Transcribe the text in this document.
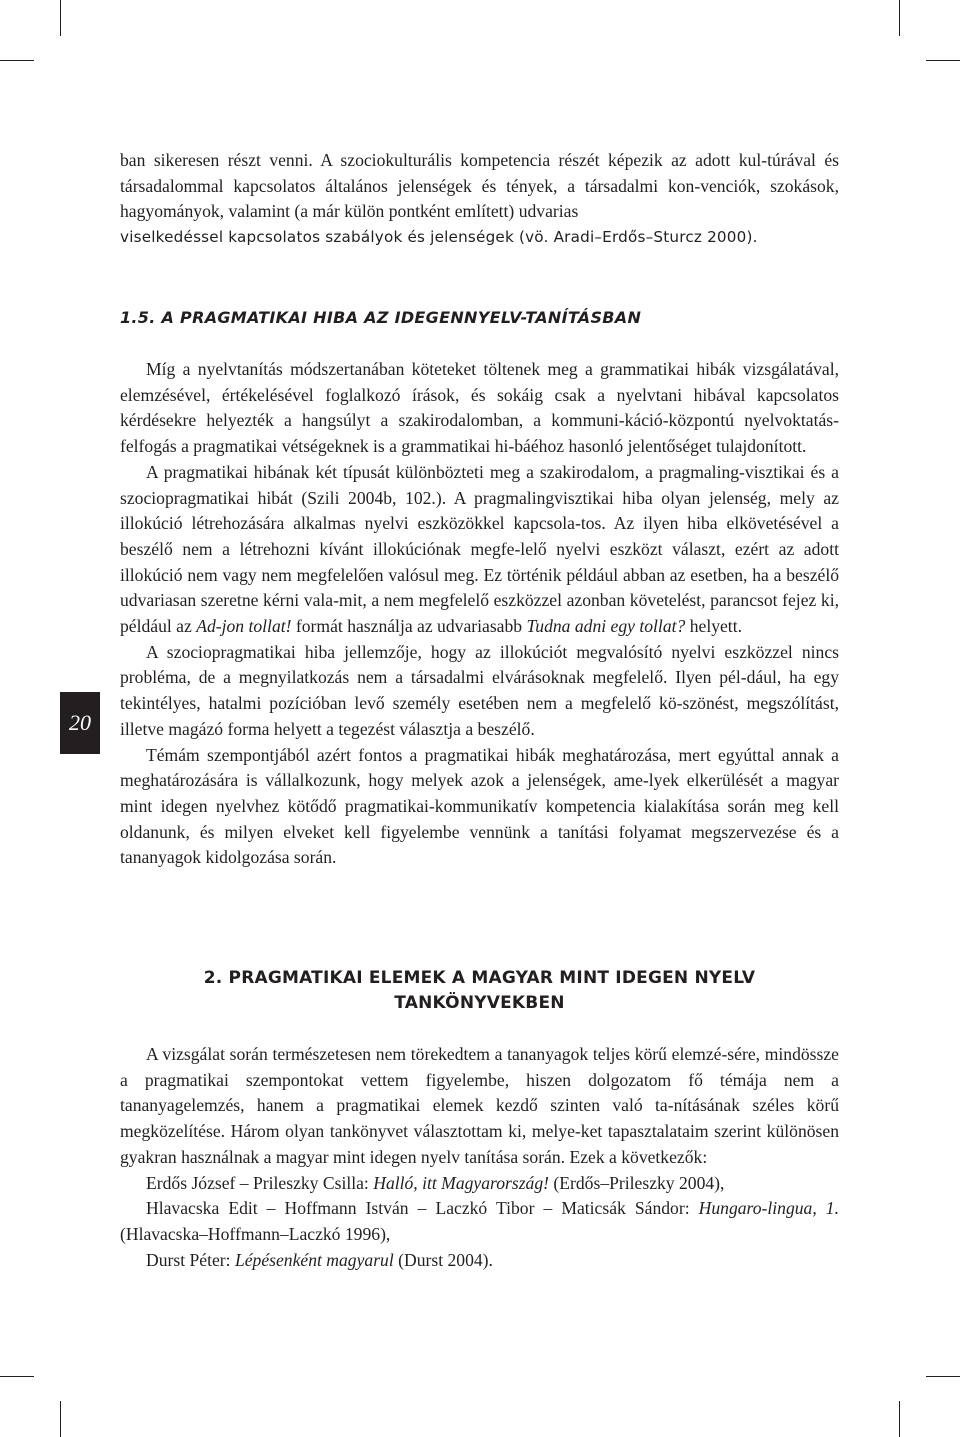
20

ban sikeresen részt venni. A szociokulturális kompetencia részét képezik az adott kul-túrával és társadalommal kapcsolatos általános jelenségek és tények, a társadalmi kon-venciók, szokások, hagyományok, valamint (a már külön pontként említett) udvarias

viselkedéssel kapcsolatos szabályok és jelenségek (vö. Aradi–Erdős–Sturcz 2000).

1.5. A PRAGMATIKAI HIBA AZ IDEGENNYELV-TANÍTÁSBAN

Míg a nyelvtanítás módszertanában köteteket töltenek meg a grammatikai hibák vizsgálatával, elemzésével, értékelésével foglalkozó írások, és sokáig csak a nyelvtani hibával kapcsolatos kérdésekre helyezték a hangsúlyt a szakirodalomban, a kommuni-káció-központú nyelvoktatás-felfogás a pragmatikai vétségeknek is a grammatikai hi-báéhoz hasonló jelentőséget tulajdonított.

A pragmatikai hibának két típusát különbözteti meg a szakirodalom, a pragmaling-visztikai és a szociopragmatikai hibát (Szili 2004b, 102.). A pragmalingvisztikai hiba olyan jelenség, mely az illokúció létrehozására alkalmas nyelvi eszközökkel kapcsola-tos. Az ilyen hiba elkövetésével a beszélő nem a létrehozni kívánt illokúciónak megfe-lelő nyelvi eszközt választ, ezért az adott illokúció nem vagy nem megfelelően valósul meg. Ez történik például abban az esetben, ha a beszélő udvariasan szeretne kérni vala-mit, a nem megfelelő eszközzel azonban követelést, parancsot fejez ki, például az Ad-jon tollat! formát használja az udvariasabb Tudna adni egy tollat? helyett.

A szociopragmatikai hiba jellemzője, hogy az illokúciót megvalósító nyelvi eszközzel nincs probléma, de a megnyilatkozás nem a társadalmi elvárásoknak megfelelő. Ilyen pél-dául, ha egy tekintélyes, hatalmi pozícióban levő személy esetében nem a megfelelő kö-szönést, megszólítást, illetve magázó forma helyett a tegezést választja a beszélő.

Témám szempontjából azért fontos a pragmatikai hibák meghatározása, mert egyúttal annak a meghatározására is vállalkozunk, hogy melyek azok a jelenségek, ame-lyek elkerülését a magyar mint idegen nyelvhez kötődő pragmatikai-kommunikatív kompetencia kialakítása során meg kell oldanunk, és milyen elveket kell figyelembe vennünk a tanítási folyamat megszervezése és a tananyagok kidolgozása során.

2. PRAGMATIKAI ELEMEK A MAGYAR MINT IDEGEN NYELV
TANKÖNYVEKBEN

A vizsgálat során természetesen nem törekedtem a tananyagok teljes körű elemzé-sére, mindössze a pragmatikai szempontokat vettem figyelembe, hiszen dolgozatom fő témája nem a tananyagelemzés, hanem a pragmatikai elemek kezdő szinten való ta-nításának széles körű megközelítése. Három olyan tankönyvet választottam ki, melye-ket tapasztalataim szerint különösen gyakran használnak a magyar mint idegen nyelv tanítása során. Ezek a következők:

Erdős József – Prileszky Csilla: Halló, itt Magyarország! (Erdős–Prileszky 2004),
Hlavacska Edit – Hoffmann István – Laczkó Tibor – Maticsák Sándor: Hungaro-lingua, 1. (Hlavacska–Hoffmann–Laczkó 1996),
Durst Péter: Lépésenként magyarul (Durst 2004).
